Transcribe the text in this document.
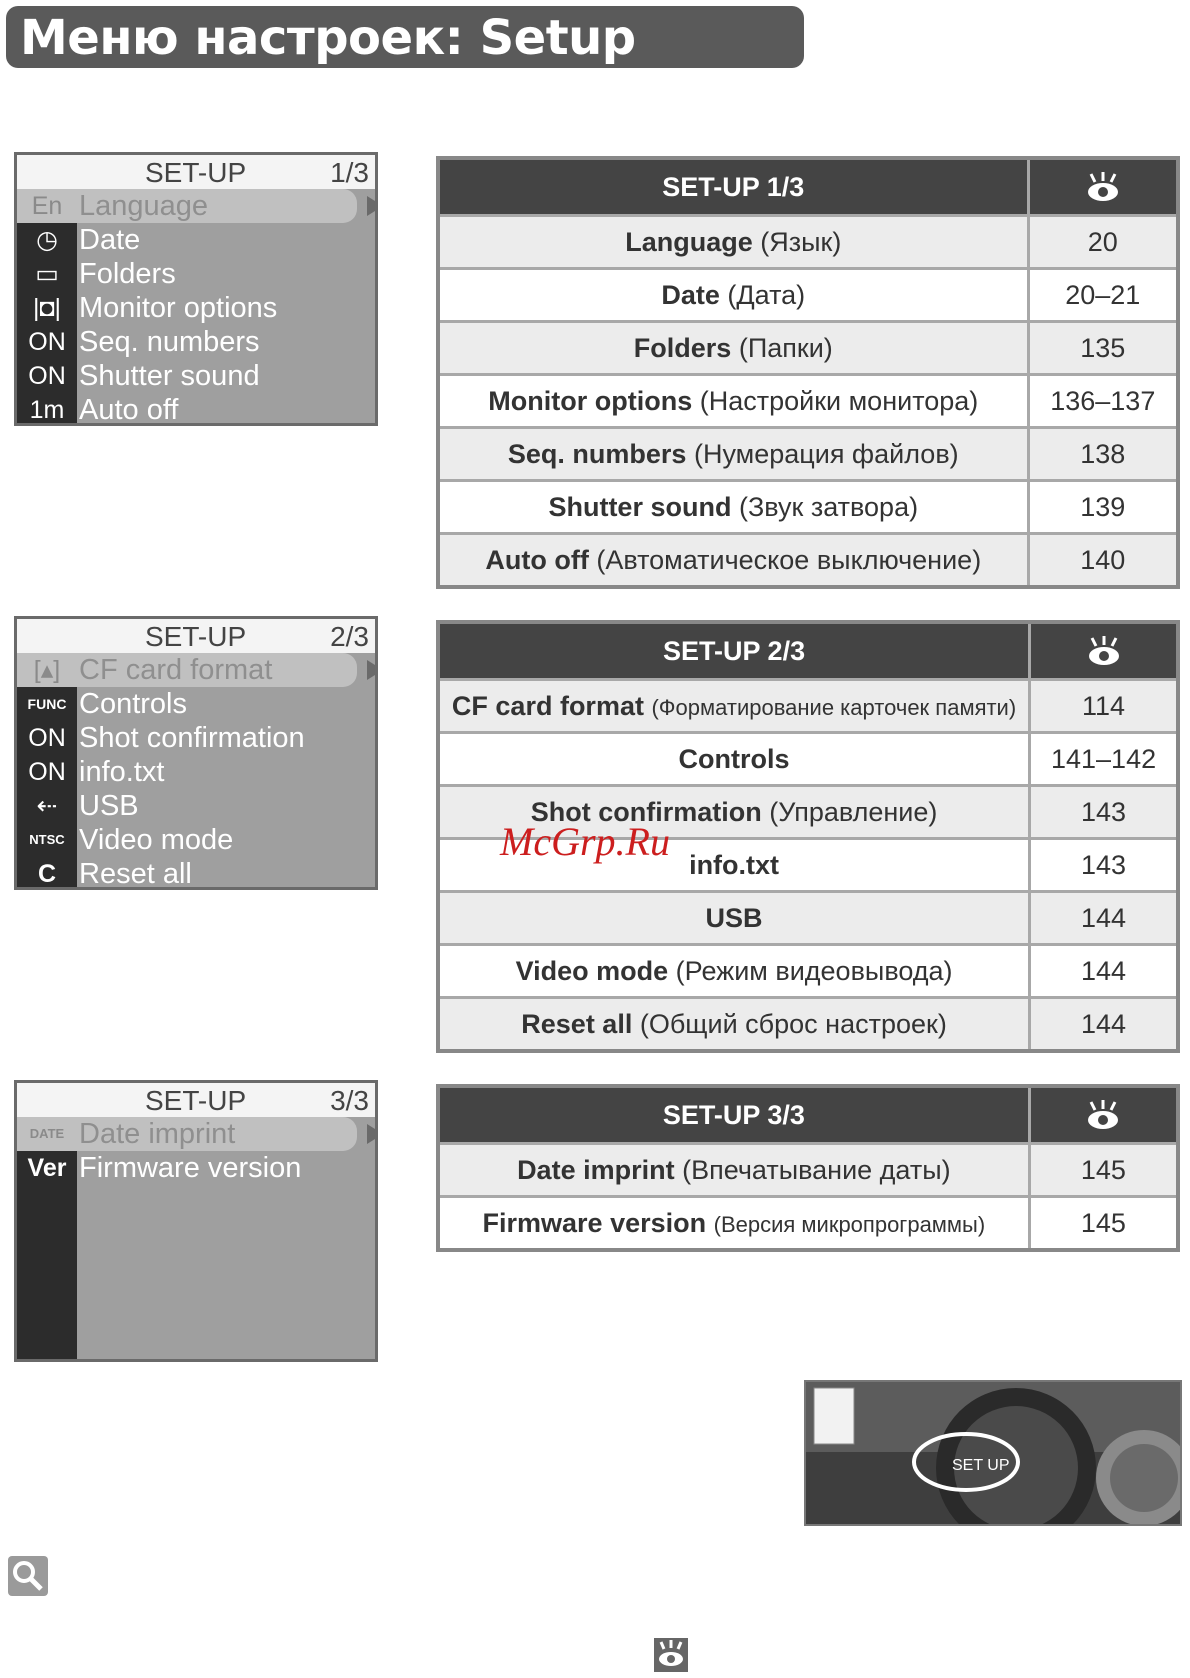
Меню настроек: Setup
SET-UP	1/3
En Language
◷ Date
▭ Folders
|◘| Monitor options
ON Seq. numbers
ON Shutter sound
1m Auto off
SET-UP	2/3
[▴] CF card format
FUNC Controls
ON Shot confirmation
ON info.txt
⇠ USB
NTSC Video mode
C Reset all
SET-UP	3/3
DATE Date imprint
Ver Firmware version
SET-UP 1/3	
Language (Язык)	20
Date (Дата)	20–21
Folders (Папки)	135
Monitor options (Настройки монитора)	136–137
Seq. numbers (Нумерация файлов)	138
Shutter sound (Звук затвора)	139
Auto off (Автоматическое выключение)	140
SET-UP 2/3	
CF card format (Форматирование карточек памяти)	114
Controls	141–142
Shot confirmation (Управление)	143
info.txt	143
USB	144
Video mode (Режим видеовывода)	144
Reset all (Общий сброс настроек)	144
SET-UP 3/3	
Date imprint (Впечатывание даты)	145
Firmware version (Версия микропрограммы)	145
McGrp.Ru
SET UP
